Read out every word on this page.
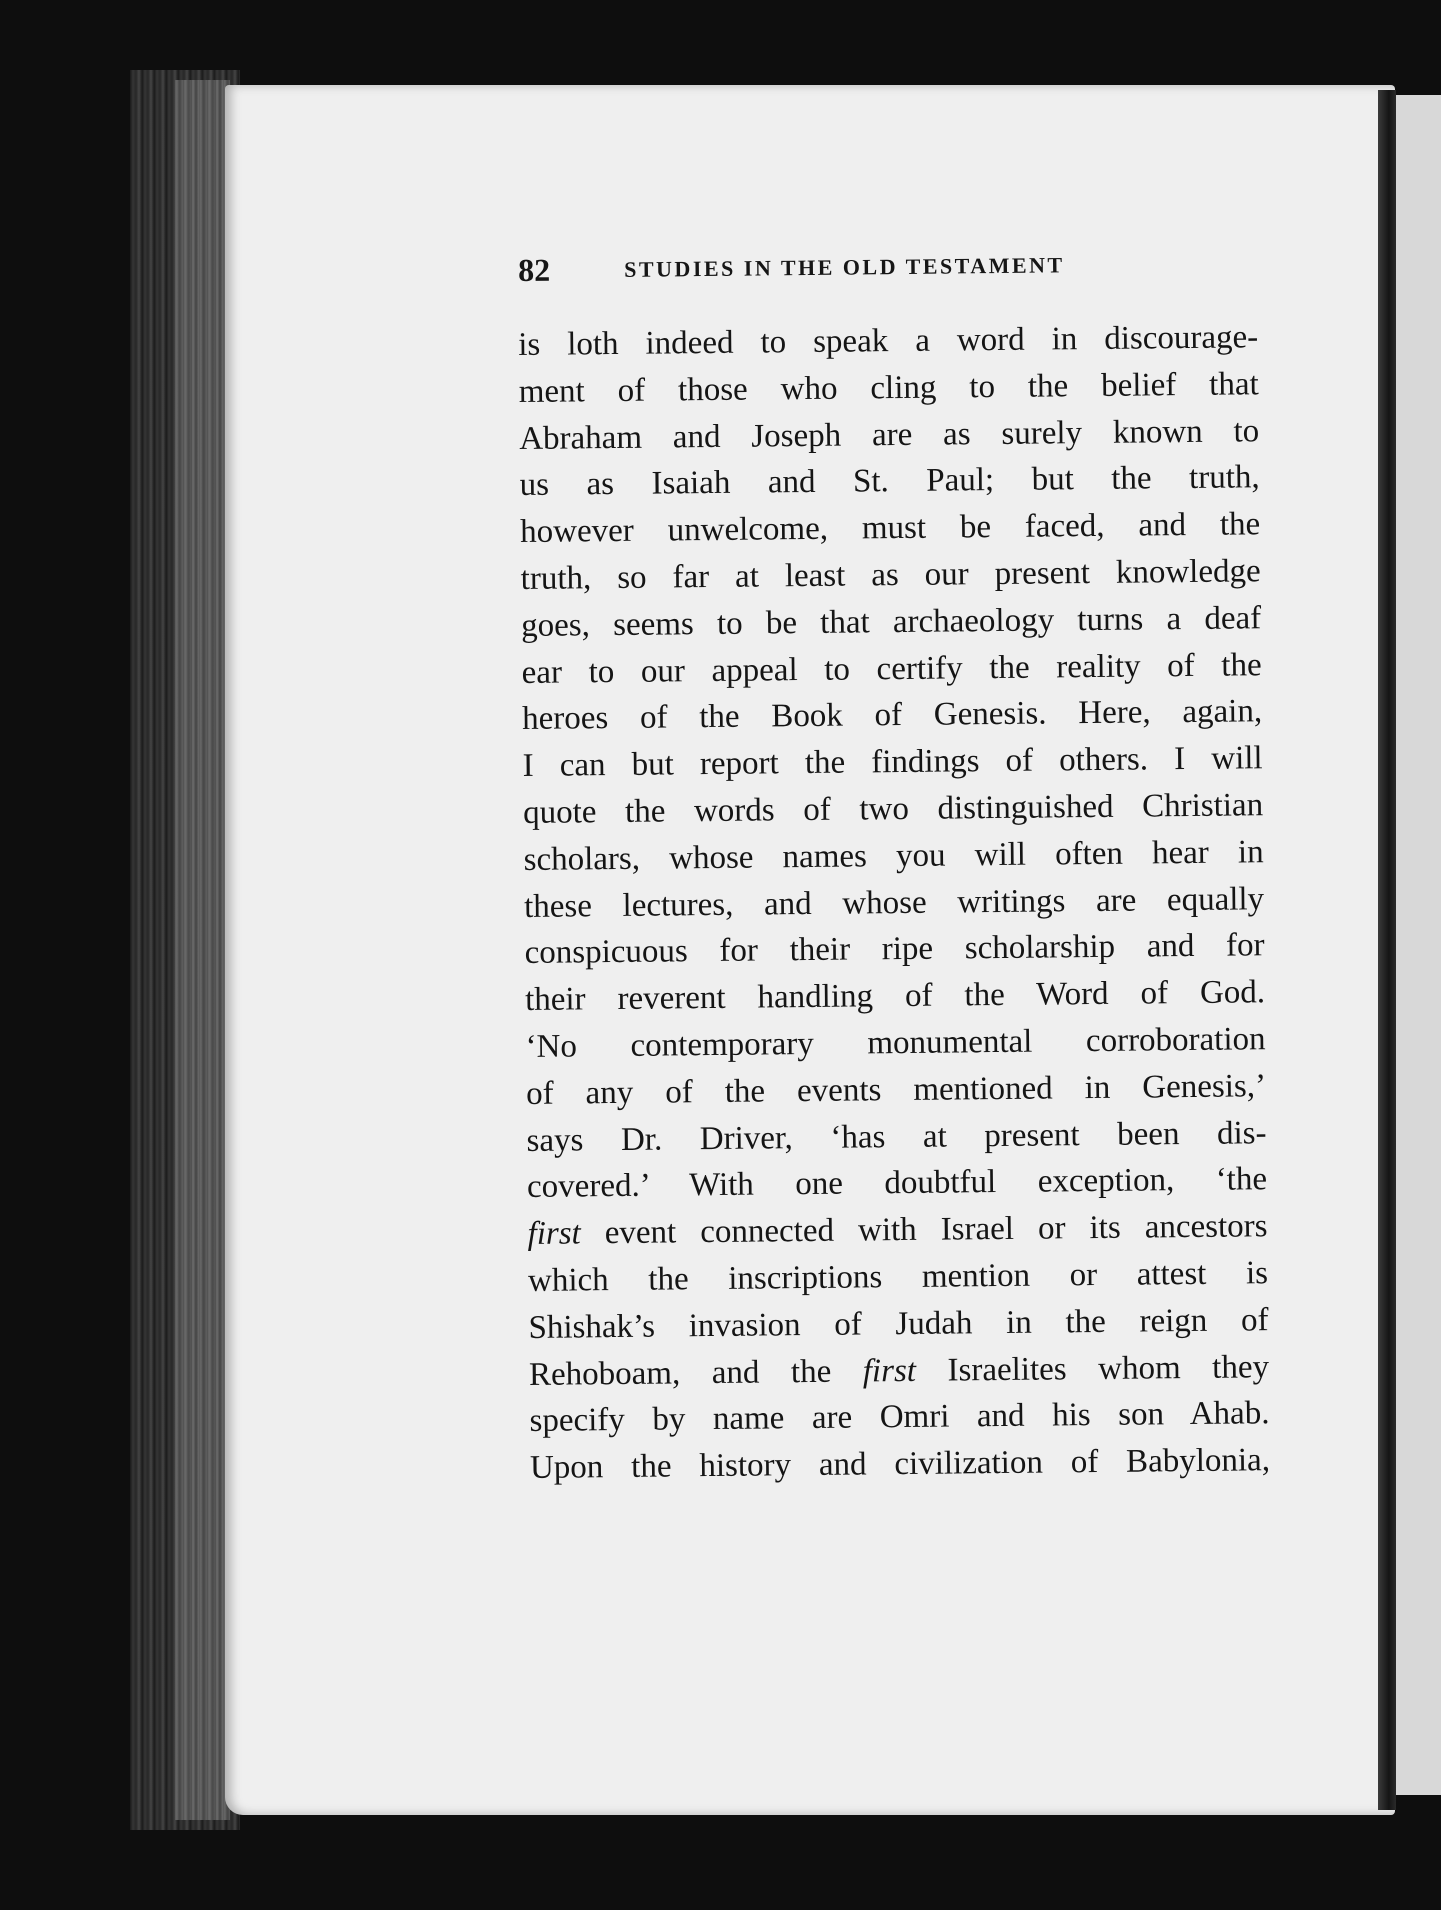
82	STUDIES IN THE OLD TESTAMENT
is loth indeed to speak a word in discourage-
ment of those who cling to the belief that
Abraham and Joseph are as surely known to
us as Isaiah and St. Paul; but the truth,
however unwelcome, must be faced, and the
truth, so far at least as our present knowledge
goes, seems to be that archaeology turns a deaf
ear to our appeal to certify the reality of the
heroes of the Book of Genesis. Here, again,
I can but report the findings of others. I will
quote the words of two distinguished Christian
scholars, whose names you will often hear in
these lectures, and whose writings are equally
conspicuous for their ripe scholarship and for
their reverent handling of the Word of God.
‘No contemporary monumental corroboration
of any of the events mentioned in Genesis,’
says Dr. Driver, ‘has at present been dis-
covered.’ With one doubtful exception, ‘the
first event connected with Israel or its ancestors
which the inscriptions mention or attest is
Shishak’s invasion of Judah in the reign of
Rehoboam, and the first Israelites whom they
specify by name are Omri and his son Ahab.
Upon the history and civilization of Babylonia,
